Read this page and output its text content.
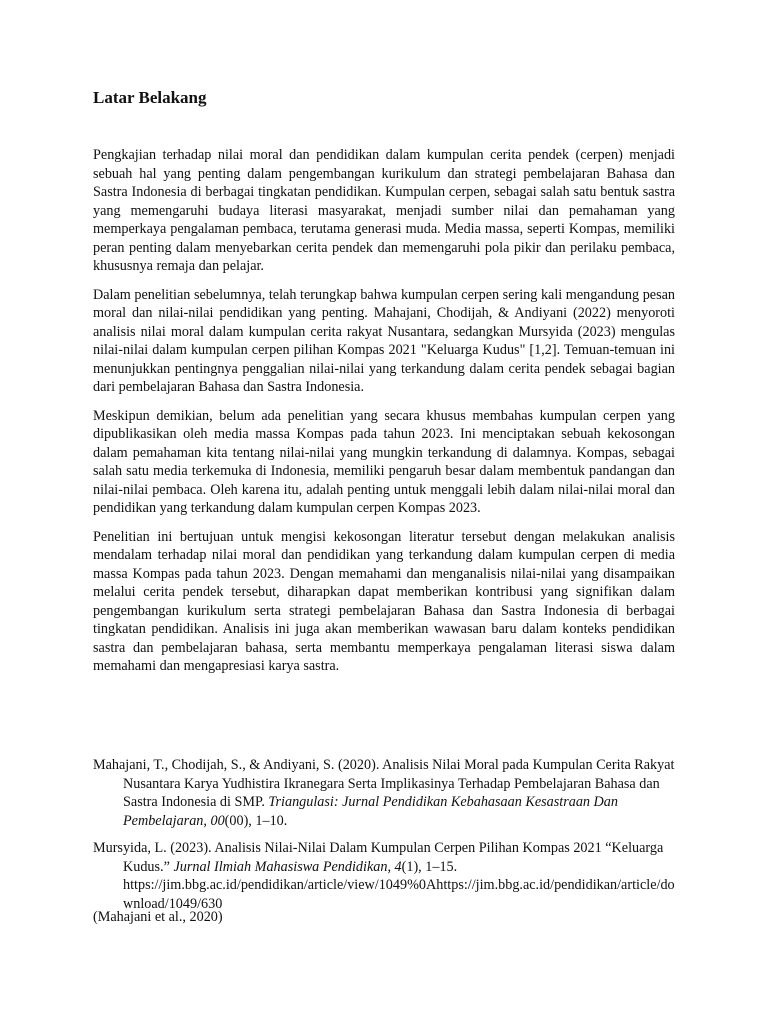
Latar Belakang

Pengkajian terhadap nilai moral dan pendidikan dalam kumpulan cerita pendek (cerpen) menjadi sebuah hal yang penting dalam pengembangan kurikulum dan strategi pembelajaran Bahasa dan Sastra Indonesia di berbagai tingkatan pendidikan. Kumpulan cerpen, sebagai salah satu bentuk sastra yang memengaruhi budaya literasi masyarakat, menjadi sumber nilai dan pemahaman yang memperkaya pengalaman pembaca, terutama generasi muda. Media massa, seperti Kompas, memiliki peran penting dalam menyebarkan cerita pendek dan memengaruhi pola pikir dan perilaku pembaca, khususnya remaja dan pelajar.

Dalam penelitian sebelumnya, telah terungkap bahwa kumpulan cerpen sering kali mengandung pesan moral dan nilai-nilai pendidikan yang penting. Mahajani, Chodijah, & Andiyani (2022) menyoroti analisis nilai moral dalam kumpulan cerita rakyat Nusantara, sedangkan Mursyida (2023) mengulas nilai-nilai dalam kumpulan cerpen pilihan Kompas 2021 "Keluarga Kudus" [1,2]. Temuan-temuan ini menunjukkan pentingnya penggalian nilai-nilai yang terkandung dalam cerita pendek sebagai bagian dari pembelajaran Bahasa dan Sastra Indonesia.

Meskipun demikian, belum ada penelitian yang secara khusus membahas kumpulan cerpen yang dipublikasikan oleh media massa Kompas pada tahun 2023. Ini menciptakan sebuah kekosongan dalam pemahaman kita tentang nilai-nilai yang mungkin terkandung di dalamnya. Kompas, sebagai salah satu media terkemuka di Indonesia, memiliki pengaruh besar dalam membentuk pandangan dan nilai-nilai pembaca. Oleh karena itu, adalah penting untuk menggali lebih dalam nilai-nilai moral dan pendidikan yang terkandung dalam kumpulan cerpen Kompas 2023.

Penelitian ini bertujuan untuk mengisi kekosongan literatur tersebut dengan melakukan analisis mendalam terhadap nilai moral dan pendidikan yang terkandung dalam kumpulan cerpen di media massa Kompas pada tahun 2023. Dengan memahami dan menganalisis nilai-nilai yang disampaikan melalui cerita pendek tersebut, diharapkan dapat memberikan kontribusi yang signifikan dalam pengembangan kurikulum serta strategi pembelajaran Bahasa dan Sastra Indonesia di berbagai tingkatan pendidikan. Analisis ini juga akan memberikan wawasan baru dalam konteks pendidikan sastra dan pembelajaran bahasa, serta membantu memperkaya pengalaman literasi siswa dalam memahami dan mengapresiasi karya sastra.

Mahajani, T., Chodijah, S., & Andiyani, S. (2020). Analisis Nilai Moral pada Kumpulan Cerita Rakyat Nusantara Karya Yudhistira Ikranegara Serta Implikasinya Terhadap Pembelajaran Bahasa dan Sastra Indonesia di SMP. Triangulasi: Jurnal Pendidikan Kebahasaan Kesastraan Dan Pembelajaran, 00(00), 1–10.
Mursyida, L. (2023). Analisis Nilai-Nilai Dalam Kumpulan Cerpen Pilihan Kompas 2021 “Keluarga Kudus.” Jurnal Ilmiah Mahasiswa Pendidikan, 4(1), 1–15. https://jim.bbg.ac.id/pendidikan/article/view/1049%0Ahttps://jim.bbg.ac.id/pendidikan/article/download/1049/630
(Mahajani et al., 2020)
